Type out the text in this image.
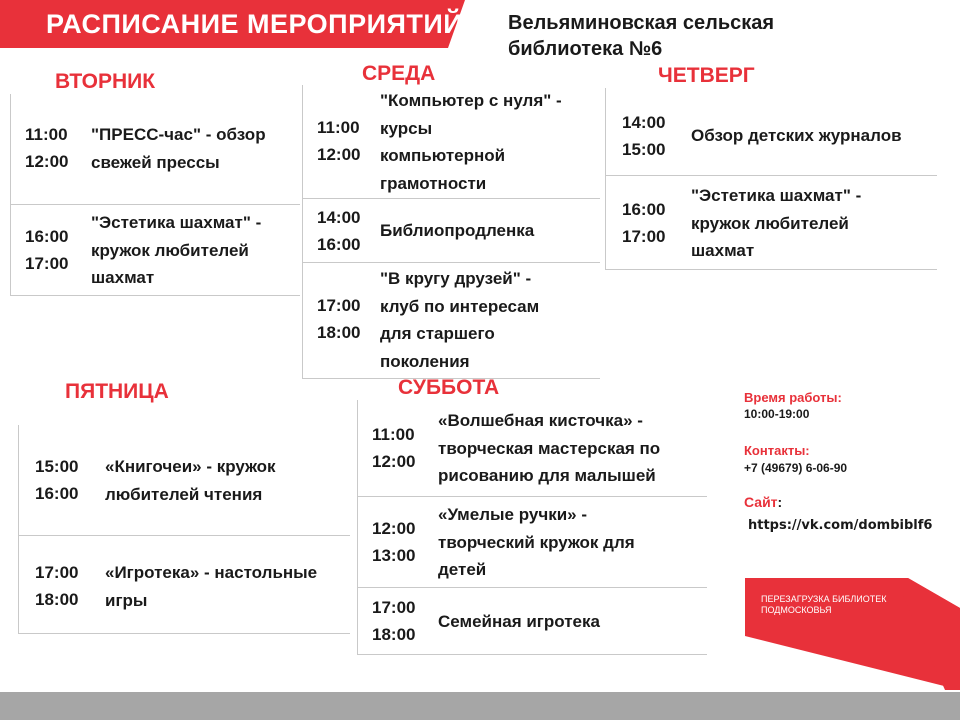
РАСПИСАНИЕ МЕРОПРИЯТИЙ Вельяминовская сельская
библиотека №6
ВТОРНИК
11:00
12:00
"ПРЕСС-час" - обзор
свежей прессы
16:00
17:00
"Эстетика шахмат" -
кружок любителей
шахмат
СРЕДА
11:00
12:00
"Компьютер с нуля" -
курсы
компьютерной
грамотности
14:00
16:00
Библиопродленка
17:00
18:00
"В кругу друзей" -
клуб по интересам
для старшего
поколения
ЧЕТВЕРГ
14:00
15:00
Обзор детских журналов
16:00
17:00
"Эстетика шахмат" -
кружок любителей
шахмат
ПЯТНИЦА
15:00
16:00
«Книгочеи» - кружок
любителей чтения
17:00
18:00
«Игротека» - настольные
игры
СУББОТА
11:00
12:00
«Волшебная кисточка» -
творческая мастерская по
рисованию для малышей
12:00
13:00
«Умелые ручки» -
творческий кружок для
детей
17:00
18:00
Семейная игротека
Время работы:
10:00-19:00
Контакты:
+7 (49679) 6-06-90
Сайт:
https://vk.com/dombiblf6
ПЕРЕЗАГРУЗКА БИБЛИОТЕК
ПОДМОСКОВЬЯ
